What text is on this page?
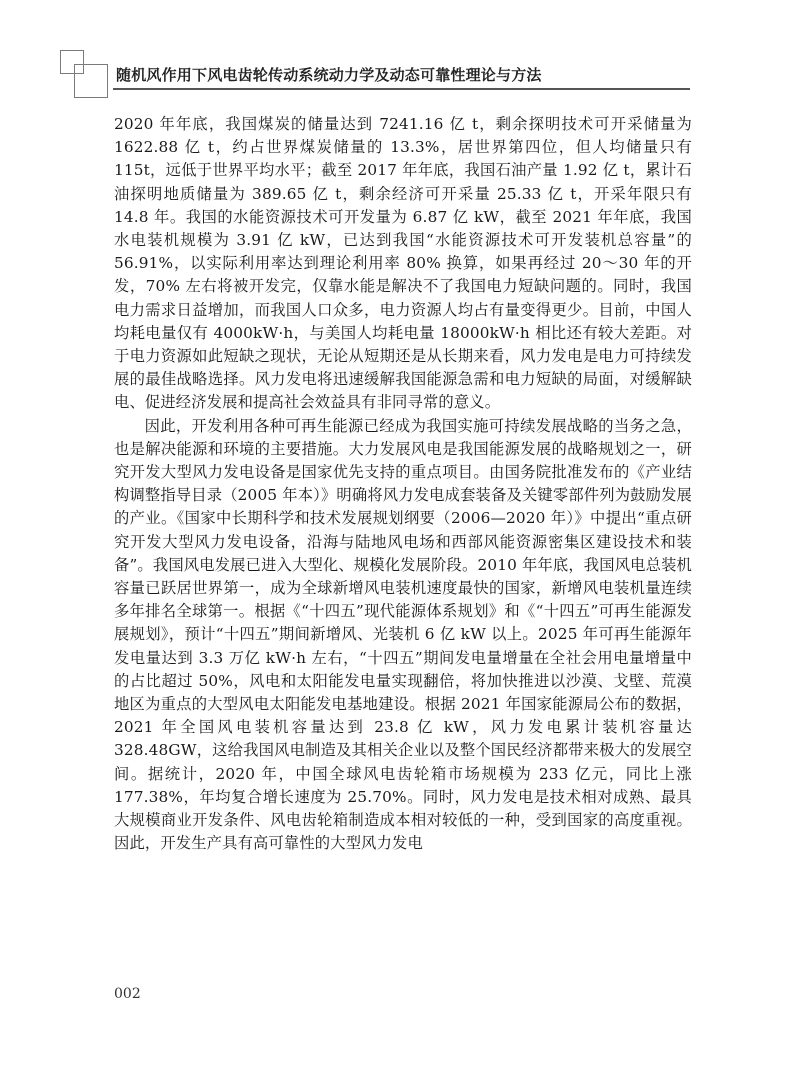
随机风作用下风电齿轮传动系统动力学及动态可靠性理论与方法

2020 年年底，我国煤炭的储量达到 7241.16 亿 t，剩余探明技术可开采储量为 1622.88 亿 t，约占世界煤炭储量的 13.3%，居世界第四位，但人均储量只有 115t，远低于世界平均水平；截至 2017 年年底，我国石油产量 1.92 亿 t，累计石油探明地质储量为 389.65 亿 t，剩余经济可开采量 25.33 亿 t，开采年限只有 14.8 年。我国的水能资源技术可开发量为 6.87 亿 kW，截至 2021 年年底，我国水电装机规模为 3.91 亿 kW，已达到我国“水能资源技术可开发装机总容量”的 56.91%，以实际利用率达到理论利用率 80% 换算，如果再经过 20～30 年的开发，70% 左右将被开发完，仅靠水能是解决不了我国电力短缺问题的。同时，我国电力需求日益增加，而我国人口众多，电力资源人均占有量变得更少。目前，中国人均耗电量仅有 4000kW·h，与美国人均耗电量 18000kW·h 相比还有较大差距。对于电力资源如此短缺之现状，无论从短期还是从长期来看，风力发电是电力可持续发展的最佳战略选择。风力发电将迅速缓解我国能源急需和电力短缺的局面，对缓解缺电、促进经济发展和提高社会效益具有非同寻常的意义。

因此，开发利用各种可再生能源已经成为我国实施可持续发展战略的当务之急，也是解决能源和环境的主要措施。大力发展风电是我国能源发展的战略规划之一，研究开发大型风力发电设备是国家优先支持的重点项目。由国务院批准发布的《产业结构调整指导目录（2005 年本）》明确将风力发电成套装备及关键零部件列为鼓励发展的产业。《国家中长期科学和技术发展规划纲要（2006—2020 年）》中提出“重点研究开发大型风力发电设备，沿海与陆地风电场和西部风能资源密集区建设技术和装备”。我国风电发展已进入大型化、规模化发展阶段。2010 年年底，我国风电总装机容量已跃居世界第一，成为全球新增风电装机速度最快的国家，新增风电装机量连续多年排名全球第一。根据《“十四五”现代能源体系规划》和《“十四五”可再生能源发展规划》，预计“十四五”期间新增风、光装机 6 亿 kW 以上。2025 年可再生能源年发电量达到 3.3 万亿 kW·h 左右，“十四五”期间发电量增量在全社会用电量增量中的占比超过 50%，风电和太阳能发电量实现翻倍，将加快推进以沙漠、戈壁、荒漠地区为重点的大型风电太阳能发电基地建设。根据 2021 年国家能源局公布的数据，2021 年全国风电装机容量达到 23.8 亿 kW，风力发电累计装机容量达 328.48GW，这给我国风电制造及其相关企业以及整个国民经济都带来极大的发展空间。据统计，2020 年，中国全球风电齿轮箱市场规模为 233 亿元，同比上涨 177.38%，年均复合增长速度为 25.70%。同时，风力发电是技术相对成熟、最具大规模商业开发条件、风电齿轮箱制造成本相对较低的一种，受到国家的高度重视。因此，开发生产具有高可靠性的大型风力发电

002
